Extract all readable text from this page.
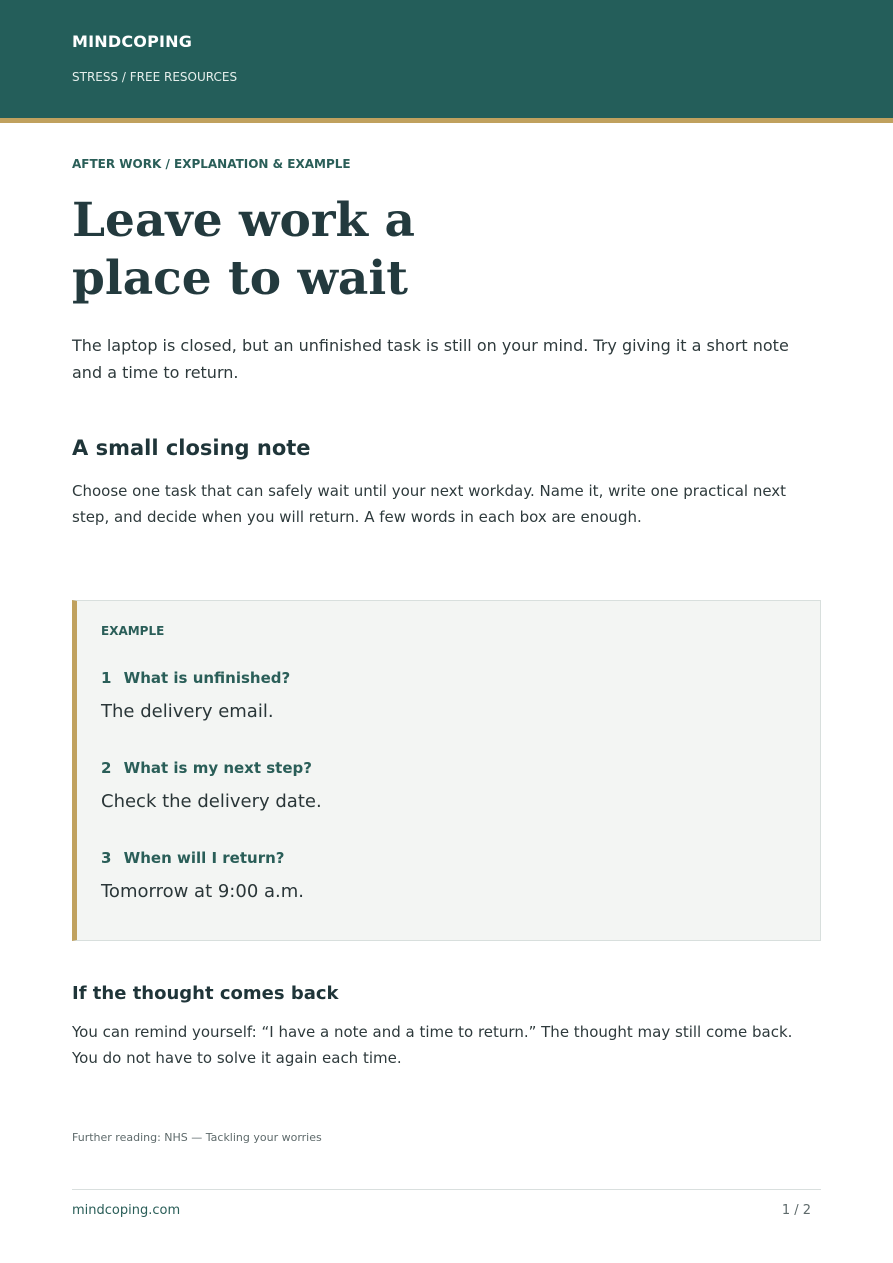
MINDCOPING
STRESS / FREE RESOURCES
AFTER WORK / EXPLANATION & EXAMPLE
Leave work a
place to wait

The laptop is closed, but an unfinished task is still on your mind. Try giving it a short note and a time to return.

A small closing note

Choose one task that can safely wait until your next workday. Name it, write one practical next step, and decide when you will return. A few words in each box are enough.

EXAMPLE
1 What is unfinished?
The delivery email.
2 What is my next step?
Check the delivery date.
3 When will I return?
Tomorrow at 9:00 a.m.
If the thought comes back

You can remind yourself: “I have a note and a time to return.” The thought may still come back. You do not have to solve it again each time.

Further reading: NHS — Tackling your worries
mindcoping.com	1 / 2
